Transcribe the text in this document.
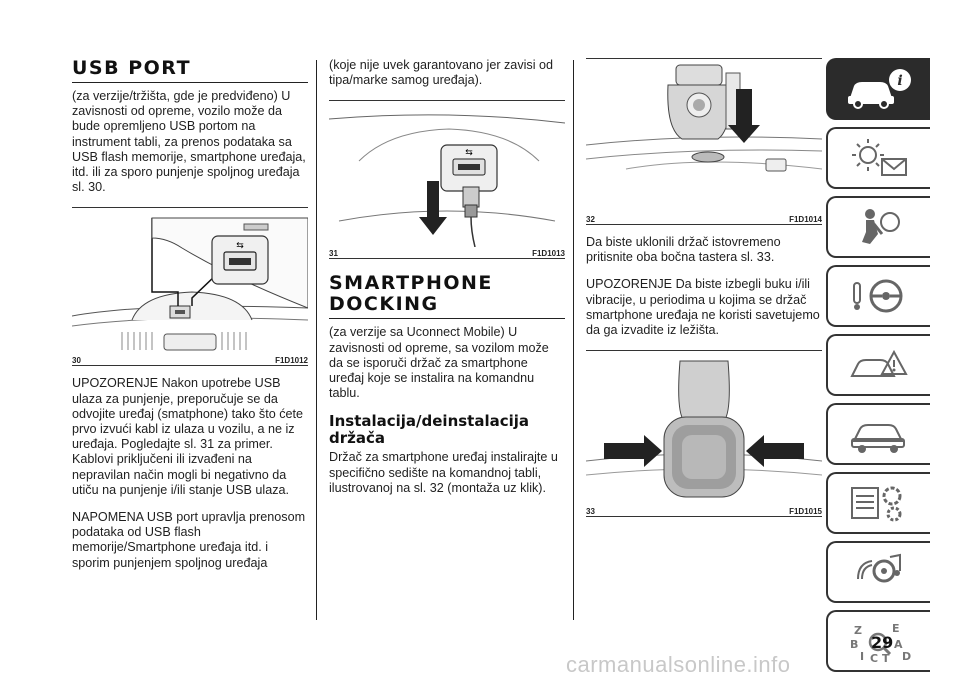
USB PORT

(za verzije/tržišta, gde je predviđeno) U zavisnosti od opreme, vozilo može da bude opremljeno USB portom na instrument tabli, za prenos podataka sa USB flash memorije, smartphone uređaja, itd. ili za sporo punjenje spoljnog uređaja sl. 30.

⇆
30	F1D1012

UPOZORENJE Nakon upotrebe USB ulaza za punjenje, preporučuje se da odvojite uređaj (smatphone) tako što ćete prvo izvući kabl iz ulaza u vozilu, a ne iz uređaja. Pogledajte sl. 31 za primer. Kablovi priključeni ili izvađeni na nepravilan način mogli bi negativno da utiču na punjenje i/ili stanje USB ulaza.

NAPOMENA USB port upravlja prenosom podataka od USB flash memorije/Smartphone uređaja itd. i sporim punjenjem spoljnog uređaja

(koje nije uvek garantovano jer zavisi od tipa/marke samog uređaja).

⇆
31	F1D1013
SMARTPHONE DOCKING

(za verzije sa Uconnect Mobile) U zavisnosti od opreme, sa vozilom može da se isporuči držač za smartphone uređaj koje se instalira na komandnu tablu.

Instalacija/deinstalacija držača

Držač za smartphone uređaj instalirajte u specifično sedište na komandnoj tabli, ilustrovanoj na sl. 32 (montaža uz klik).

32	F1D1014

Da biste uklonili držač istovremeno pritisnite oba bočna tastera sl. 33.

UPOZORENJE Da biste izbegli buku i/ili vibracije, u periodima u kojima se držač smartphone uređaja ne koristi savetujemo da ga izvadite iz ležišta.

33	F1D1015
i
Z	E
B	A
I C T D
29
carmanualsonline.info
